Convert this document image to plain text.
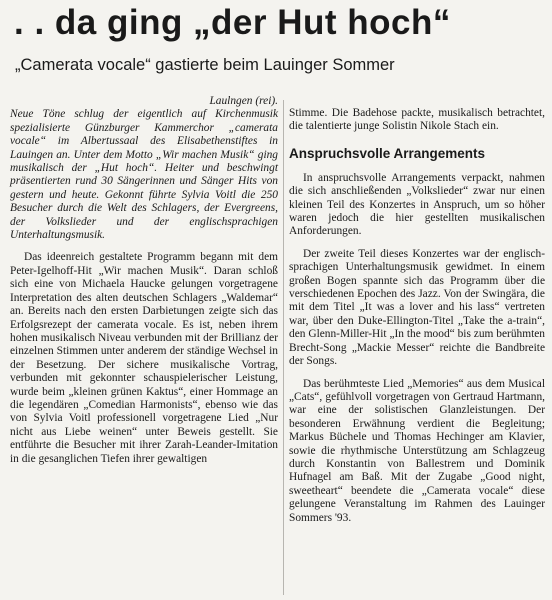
. . da ging „der Hut hoch“
„Camerata vocale“ gastierte beim Lauinger Sommer

Laulngen (rei).

Neue Töne schlug der eigentlich auf Kirchenmusik spezialisierte Günzburger Kammerchor „camerata vocale“ im Albertussaal des Elisabethenstiftes in Lauingen an. Unter dem Motto „Wir machen Musik“ ging musikalisch der „Hut hoch“. Heiter und beschwingt präsentierten rund 30 Sängerinnen und Sänger Hits von gestern und heute. Gekonnt führte Sylvia Voitl die 250 Besucher durch die Welt des Schlagers, der Evergreens, der Volkslieder und der englischsprachigen Unterhaltungsmusik.

Das ideenreich gestaltete Programm begann mit dem Peter-Igelhoff-Hit „Wir machen Musik“. Daran schloß sich eine von Michaela Haucke gelungen vorgetragene Interpretation des alten deutschen Schlagers „Waldemar“ an. Bereits nach den ersten Darbietungen zeigte sich das Erfolgsrezept der camerata vocale. Es ist, neben ihrem hohen musikalisch Niveau verbunden mit der Brillianz der einzelnen Stimmen unter anderem der ständige Wechsel in der Besetzung. Der sichere musikalische Vortrag, verbunden mit gekonnter schauspielerischer Leistung, wurde beim „kleinen grünen Kaktus“, einer Hommage an die legendären „Comedian Harmonists“, ebenso wie das von Sylvia Voitl professionell vorgetragene Lied „Nur nicht aus Liebe weinen“ unter Beweis gestellt. Sie entführte die Besucher mit ihrer Zarah-Leander-Imitation in die gesanglichen Tiefen ihrer gewaltigen

Stimme. Die Badehose packte, musikalisch betrachtet, die talentierte junge Solistin Nikole Stach ein.

Anspruchsvolle Arrangements

In anspruchsvolle Arrangements verpackt, nahmen die sich anschließenden „Volkslieder“ zwar nur einen kleinen Teil des Konzertes in Anspruch, um so höher waren jedoch die hier gestellten musikalischen Anforderungen.

Der zweite Teil dieses Konzertes war der englisch-sprachigen Unterhaltungsmusik gewidmet. In einem großen Bogen spannte sich das Programm über die verschiedenen Epochen des Jazz. Von der Swingära, die mit dem Titel „It was a lover and his lass“ vertreten war, über den Duke-Ellington-Titel „Take the a-train“, den Glenn-Miller-Hit „In the mood“ bis zum berühmten Brecht-Song „Mackie Messer“ reichte die Bandbreite der Songs.

Das berühmteste Lied „Memories“ aus dem Musical „Cats“, gefühlvoll vorgetragen von Gertraud Hartmann, war eine der solistischen Glanzleistungen. Der besonderen Erwähnung verdient die Begleitung; Markus Büchele und Thomas Hechinger am Klavier, sowie die rhythmische Unterstützung am Schlagzeug durch Konstantin von Ballestrem und Dominik Hufnagel am Baß. Mit der Zugabe „Good night, sweetheart“ beendete die „Camerata vocale“ diese gelungene Veranstaltung im Rahmen des Lauinger Sommers '93.
